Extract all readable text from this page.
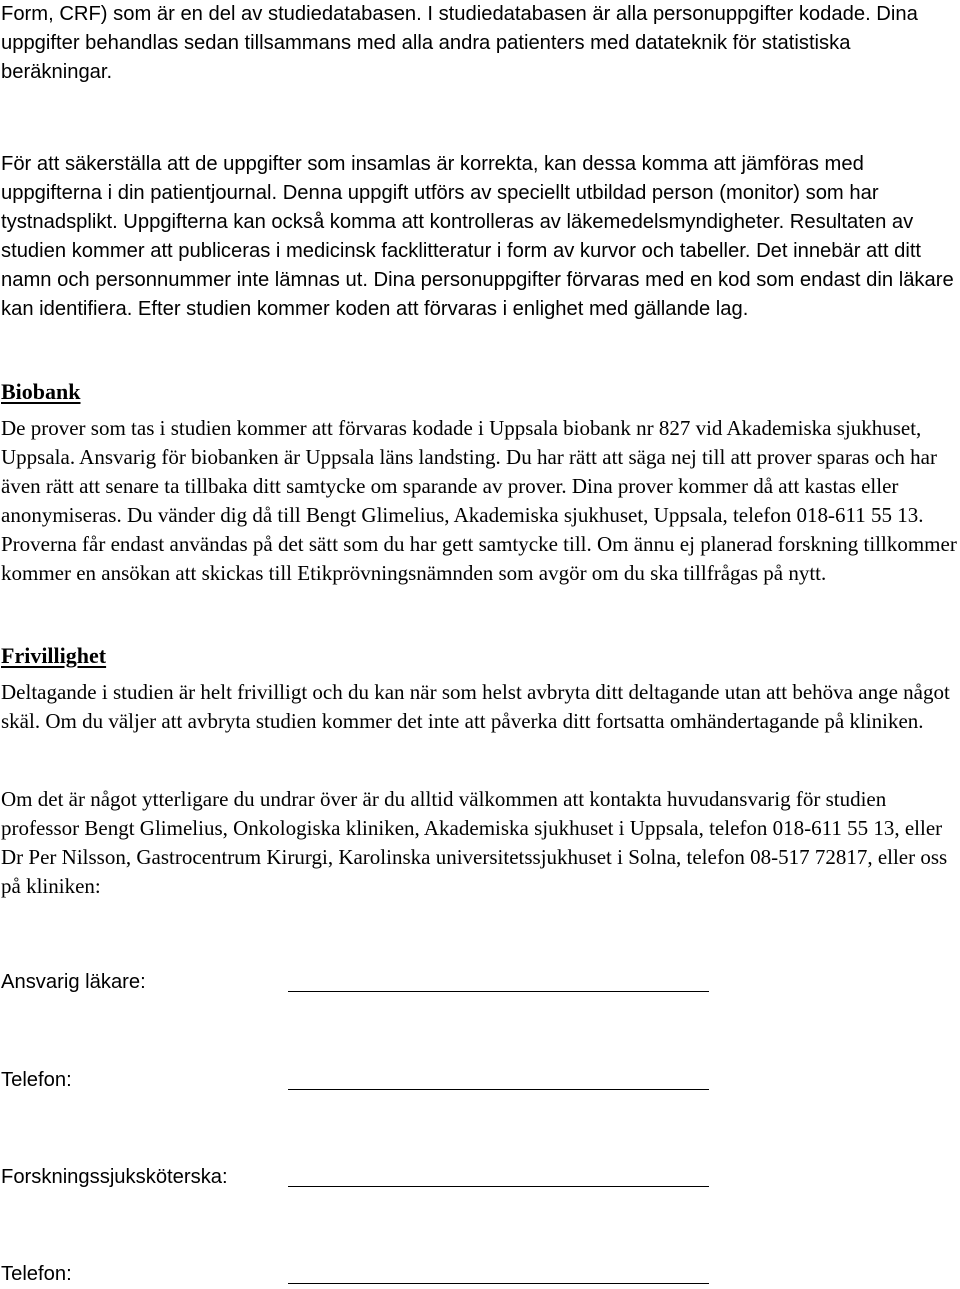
Form, CRF) som är en del av studiedatabasen. I studiedatabasen är alla personuppgifter kodade. Dina uppgifter behandlas sedan tillsammans med alla andra patienters med datateknik för statistiska beräkningar.

För att säkerställa att de uppgifter som insamlas är korrekta, kan dessa komma att jämföras med uppgifterna i din patientjournal. Denna uppgift utförs av speciellt utbildad person (monitor) som har tystnadsplikt. Uppgifterna kan också komma att kontrolleras av läkemedelsmyndigheter. Resultaten av studien kommer att publiceras i medicinsk facklitteratur i form av kurvor och tabeller. Det innebär att ditt namn och personnummer inte lämnas ut. Dina personuppgifter förvaras med en kod som endast din läkare kan identifiera. Efter studien kommer koden att förvaras i enlighet med gällande lag.

Biobank

De prover som tas i studien kommer att förvaras kodade i Uppsala biobank nr 827 vid Akademiska sjukhuset, Uppsala. Ansvarig för biobanken är Uppsala läns landsting. Du har rätt att säga nej till att prover sparas och har även rätt att senare ta tillbaka ditt samtycke om sparande av prover. Dina prover kommer då att kastas eller anonymiseras. Du vänder dig då till Bengt Glimelius, Akademiska sjukhuset, Uppsala, telefon 018-611 55 13. Proverna får endast användas på det sätt som du har gett samtycke till. Om ännu ej planerad forskning tillkommer kommer en ansökan att skickas till Etikprövningsnämnden som avgör om du ska tillfrågas på nytt.

Frivillighet

Deltagande i studien är helt frivilligt och du kan när som helst avbryta ditt deltagande utan att behöva ange något skäl. Om du väljer att avbryta studien kommer det inte att påverka ditt fortsatta omhändertagande på kliniken.

Om det är något ytterligare du undrar över är du alltid välkommen att kontakta huvudansvarig för studien professor Bengt Glimelius, Onkologiska kliniken, Akademiska sjukhuset i Uppsala, telefon 018-611 55 13, eller Dr Per Nilsson, Gastrocentrum Kirurgi, Karolinska universitetssjukhuset i Solna, telefon 08-517 72817, eller oss på kliniken:

Ansvarig läkare:
Telefon:
Forskningssjuksköterska:
Telefon:
